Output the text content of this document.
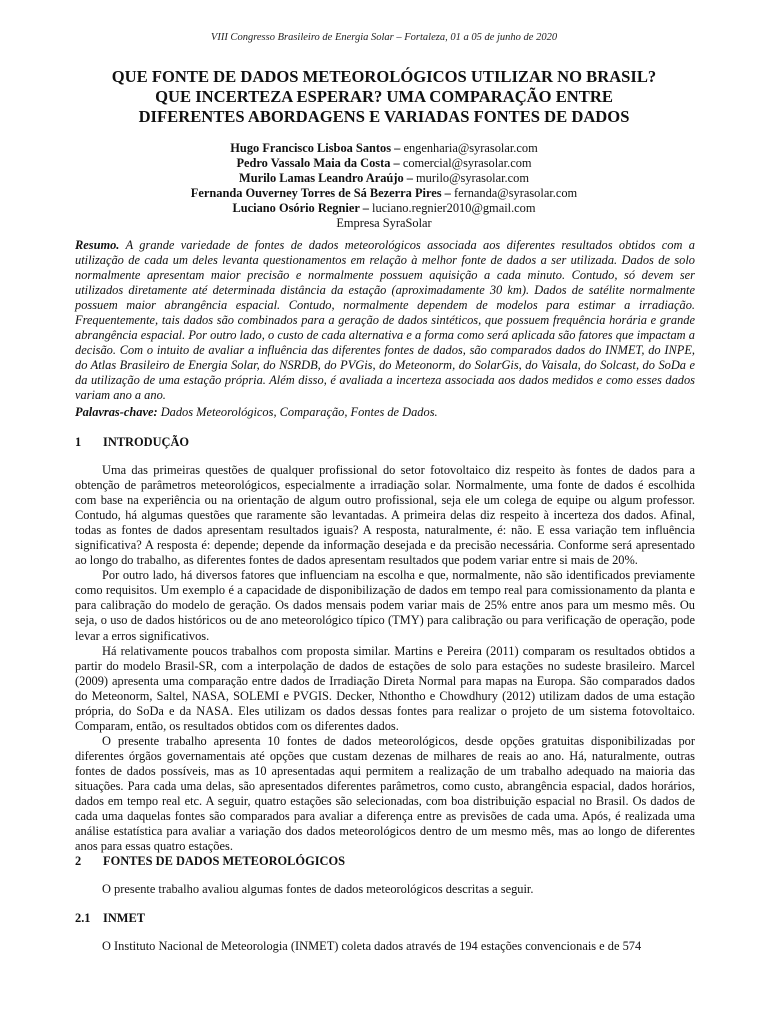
VIII Congresso Brasileiro de Energia Solar – Fortaleza, 01 a 05 de junho de 2020
QUE FONTE DE DADOS METEOROLÓGICOS UTILIZAR NO BRASIL?
QUE INCERTEZA ESPERAR? UMA COMPARAÇÃO ENTRE
DIFERENTES ABORDAGENS E VARIADAS FONTES DE DADOS
Hugo Francisco Lisboa Santos – engenharia@syrasolar.com
Pedro Vassalo Maia da Costa – comercial@syrasolar.com
Murilo Lamas Leandro Araújo – murilo@syrasolar.com
Fernanda Ouverney Torres de Sá Bezerra Pires – fernanda@syrasolar.com
Luciano Osório Regnier – luciano.regnier2010@gmail.com
Empresa SyraSolar
Resumo. A grande variedade de fontes de dados meteorológicos associada aos diferentes resultados obtidos com a utilização de cada um deles levanta questionamentos em relação à melhor fonte de dados a ser utilizada. Dados de solo normalmente apresentam maior precisão e normalmente possuem aquisição a cada minuto. Contudo, só devem ser utilizados diretamente até determinada distância da estação (aproximadamente 30 km). Dados de satélite normalmente possuem maior abrangência espacial. Contudo, normalmente dependem de modelos para estimar a irradiação. Frequentemente, tais dados são combinados para a geração de dados sintéticos, que possuem frequência horária e grande abrangência espacial. Por outro lado, o custo de cada alternativa e a forma como será aplicada são fatores que impactam a decisão. Com o intuito de avaliar a influência das diferentes fontes de dados, são comparados dados do INMET, do INPE, do Atlas Brasileiro de Energia Solar, do NSRDB, do PVGis, do Meteonorm, do SolarGis, do Vaisala, do Solcast, do SoDa e da utilização de uma estação própria. Além disso, é avaliada a incerteza associada aos dados medidos e como esses dados variam ano a ano.
Palavras-chave: Dados Meteorológicos, Comparação, Fontes de Dados.
1 INTRODUÇÃO

Uma das primeiras questões de qualquer profissional do setor fotovoltaico diz respeito às fontes de dados para a obtenção de parâmetros meteorológicos, especialmente a irradiação solar. Normalmente, uma fonte de dados é escolhida com base na experiência ou na orientação de algum outro profissional, seja ele um colega de equipe ou algum professor. Contudo, há algumas questões que raramente são levantadas. A primeira delas diz respeito à incerteza dos dados. Afinal, todas as fontes de dados apresentam resultados iguais? A resposta, naturalmente, é: não. E essa variação tem influência significativa? A resposta é: depende; depende da informação desejada e da precisão necessária. Conforme será apresentado ao longo do trabalho, as diferentes fontes de dados apresentam resultados que podem variar entre si mais de 20%.

Por outro lado, há diversos fatores que influenciam na escolha e que, normalmente, não são identificados previamente como requisitos. Um exemplo é a capacidade de disponibilização de dados em tempo real para comissionamento da planta e para calibração do modelo de geração. Os dados mensais podem variar mais de 25% entre anos para um mesmo mês. Ou seja, o uso de dados históricos ou de ano meteorológico típico (TMY) para calibração ou para verificação de operação, pode levar a erros significativos.

Há relativamente poucos trabalhos com proposta similar. Martins e Pereira (2011) comparam os resultados obtidos a partir do modelo Brasil-SR, com a interpolação de dados de estações de solo para estações no sudeste brasileiro. Marcel (2009) apresenta uma comparação entre dados de Irradiação Direta Normal para mapas na Europa. São comparados dados do Meteonorm, Saltel, NASA, SOLEMI e PVGIS. Decker, Nthontho e Chowdhury (2012) utilizam dados de uma estação própria, do SoDa e da NASA. Eles utilizam os dados dessas fontes para realizar o projeto de um sistema fotovoltaico. Comparam, então, os resultados obtidos com os diferentes dados.

O presente trabalho apresenta 10 fontes de dados meteorológicos, desde opções gratuitas disponibilizadas por diferentes órgãos governamentais até opções que custam dezenas de milhares de reais ao ano. Há, naturalmente, outras fontes de dados possíveis, mas as 10 apresentadas aqui permitem a realização de um trabalho adequado na maioria das situações. Para cada uma delas, são apresentados diferentes parâmetros, como custo, abrangência espacial, dados horários, dados em tempo real etc. A seguir, quatro estações são selecionadas, com boa distribuição espacial no Brasil. Os dados de cada uma daquelas fontes são comparados para avaliar a diferença entre as previsões de cada uma. Após, é realizada uma análise estatística para avaliar a variação dos dados meteorológicos dentro de um mesmo mês, mas ao longo de diferentes anos para essas quatro estações.

2 FONTES DE DADOS METEOROLÓGICOS
O presente trabalho avaliou algumas fontes de dados meteorológicos descritas a seguir.
2.1 INMET
O Instituto Nacional de Meteorologia (INMET) coleta dados através de 194 estações convencionais e de 574
